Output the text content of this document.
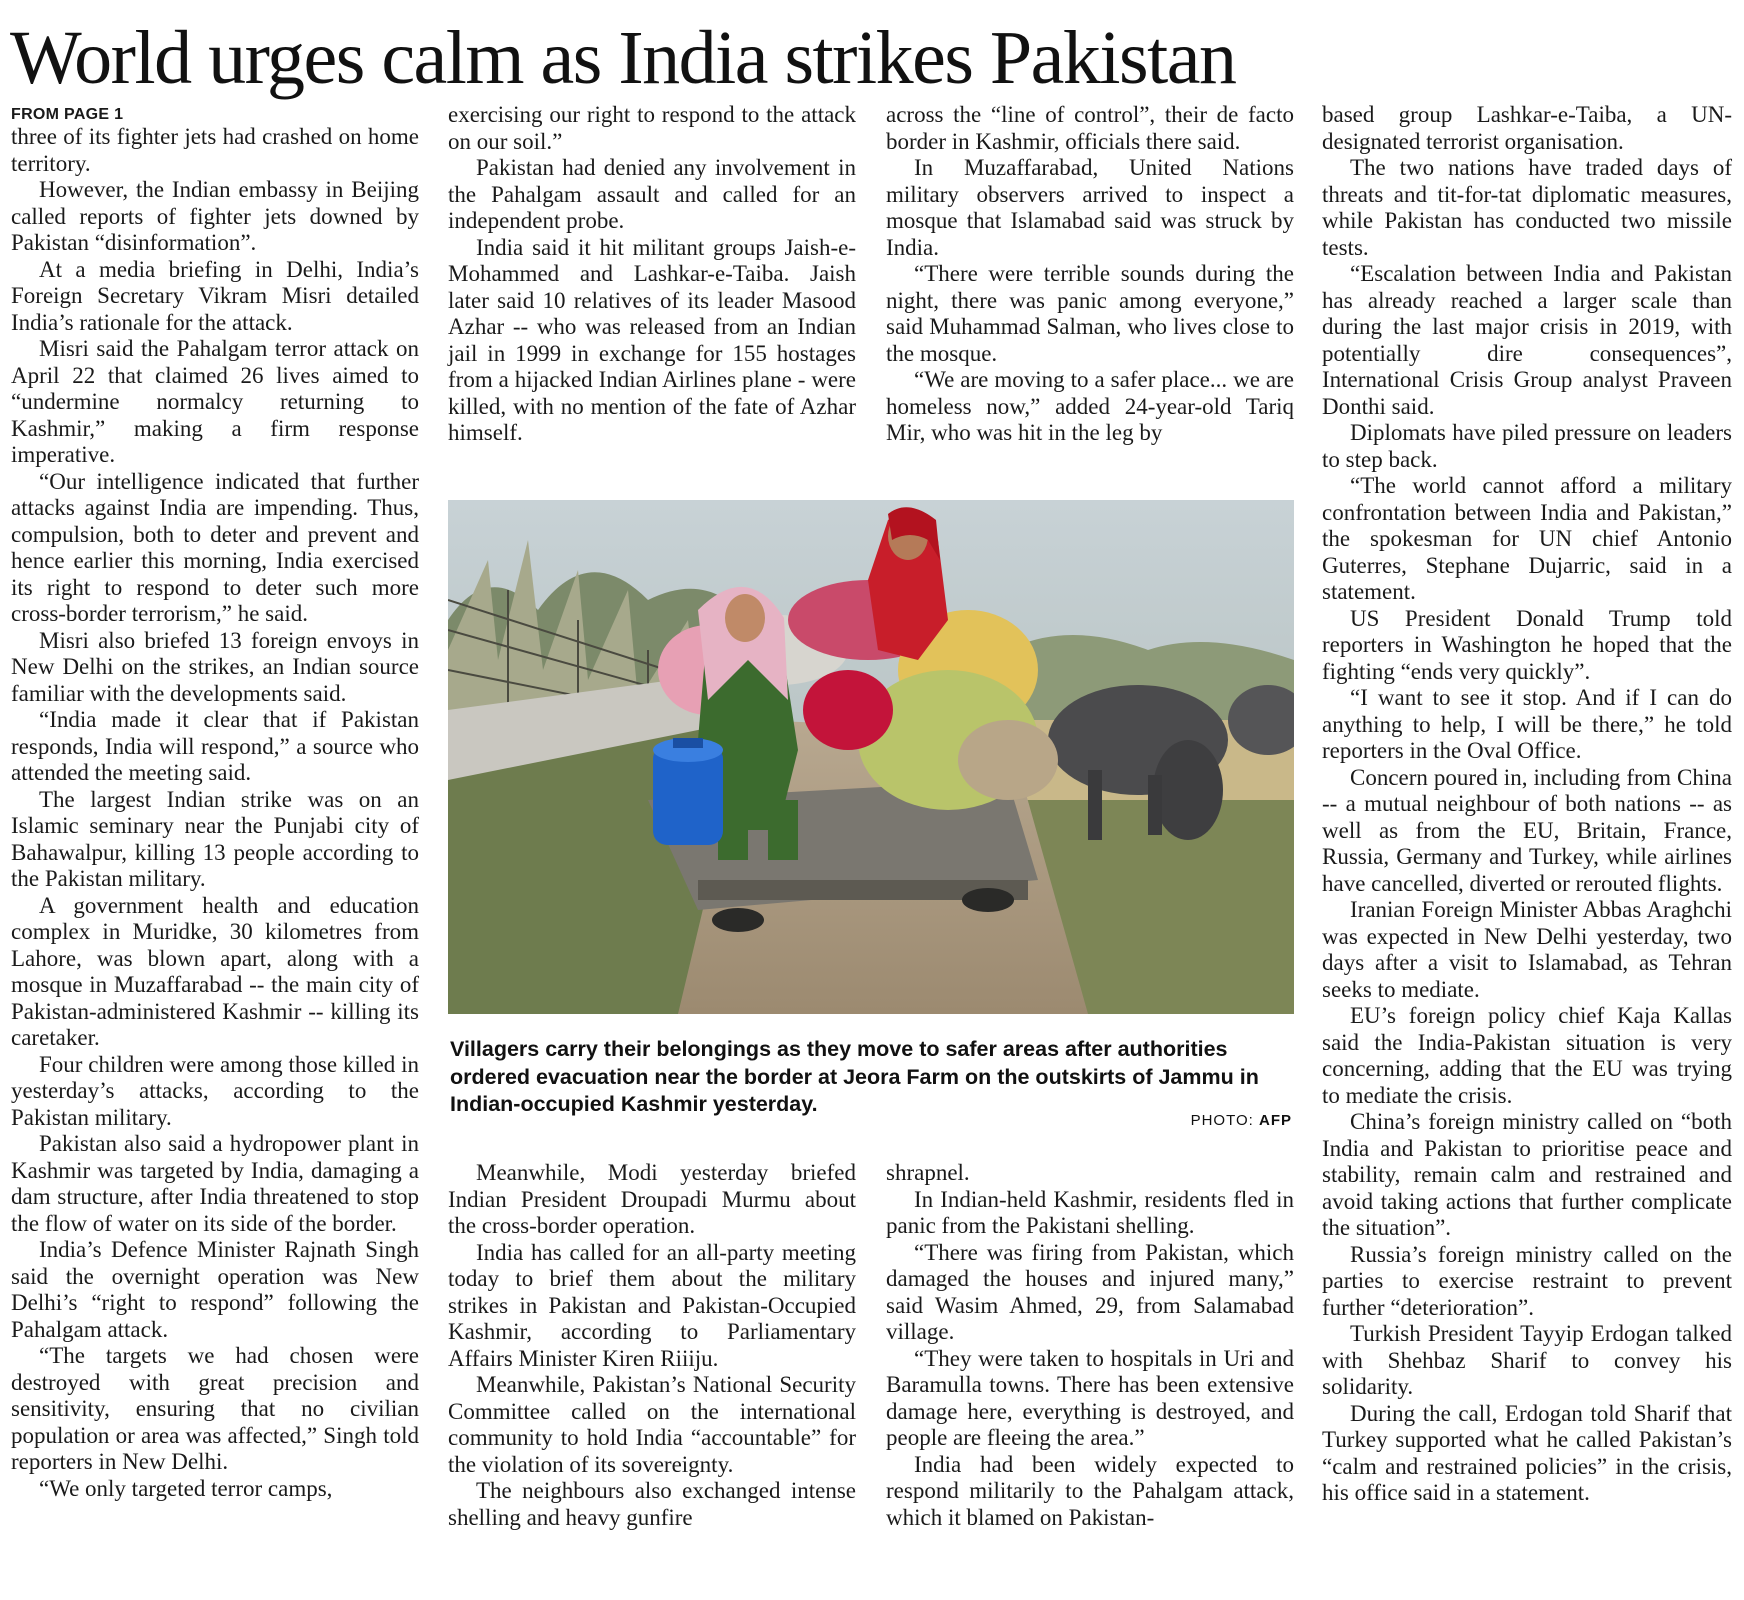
World urges calm as India strikes Pakistan
FROM PAGE 1

three of its fighter jets had crashed on home territory.

However, the Indian embassy in Beijing called reports of fighter jets downed by Pakistan “disinformation”.

At a media briefing in Delhi, India’s Foreign Secretary Vikram Misri detailed India’s rationale for the attack.

Misri said the Pahalgam terror attack on April 22 that claimed 26 lives aimed to “undermine normalcy returning to Kashmir,” making a firm response imperative.

“Our intelligence indicated that further attacks against India are impending. Thus, compulsion, both to deter and prevent and hence earlier this morning, India exercised its right to respond to deter such more cross-border terrorism,” he said.

Misri also briefed 13 foreign envoys in New Delhi on the strikes, an Indian source familiar with the developments said.

“India made it clear that if Pakistan responds, India will respond,” a source who attended the meeting said.

The largest Indian strike was on an Islamic seminary near the Punjabi city of Bahawalpur, killing 13 people according to the Pakistan military.

A government health and education complex in Muridke, 30 kilometres from Lahore, was blown apart, along with a mosque in Muzaffarabad -- the main city of Pakistan-administered Kashmir -- killing its caretaker.

Four children were among those killed in yesterday’s attacks, according to the Pakistan military.

Pakistan also said a hydropower plant in Kashmir was targeted by India, damaging a dam structure, after India threatened to stop the flow of water on its side of the border.

India’s Defence Minister Rajnath Singh said the overnight operation was New Delhi’s “right to respond” following the Pahalgam attack.

“The targets we had chosen were destroyed with great precision and sensitivity, ensuring that no civilian population or area was affected,” Singh told reporters in New Delhi.

“We only targeted terror camps,

exercising our right to respond to the attack on our soil.”

Pakistan had denied any involvement in the Pahalgam assault and called for an independent probe.

India said it hit militant groups Jaish-e-Mohammed and Lashkar-e-Taiba. Jaish later said 10 relatives of its leader Masood Azhar -- who was released from an Indian jail in 1999 in exchange for 155 hostages from a hijacked Indian Airlines plane - were killed, with no mention of the fate of Azhar himself.

across the “line of control”, their de facto border in Kashmir, officials there said.

In Muzaffarabad, United Nations military observers arrived to inspect a mosque that Islamabad said was struck by India.

“There were terrible sounds during the night, there was panic among everyone,” said Muhammad Salman, who lives close to the mosque.

“We are moving to a safer place... we are homeless now,” added 24-year-old Tariq Mir, who was hit in the leg by

based group Lashkar-e-Taiba, a UN-designated terrorist organisation.

The two nations have traded days of threats and tit-for-tat diplomatic measures, while Pakistan has conducted two missile tests.

“Escalation between India and Pakistan has already reached a larger scale than during the last major crisis in 2019, with potentially dire consequences”, International Crisis Group analyst Praveen Donthi said.

Diplomats have piled pressure on leaders to step back.

“The world cannot afford a military confrontation between India and Pakistan,” the spokesman for UN chief Antonio Guterres, Stephane Dujarric, said in a statement.

US President Donald Trump told reporters in Washington he hoped that the fighting “ends very quickly”.

“I want to see it stop. And if I can do anything to help, I will be there,” he told reporters in the Oval Office.

Concern poured in, including from China -- a mutual neighbour of both nations -- as well as from the EU, Britain, France, Russia, Germany and Turkey, while airlines have cancelled, diverted or rerouted flights.

Iranian Foreign Minister Abbas Araghchi was expected in New Delhi yesterday, two days after a visit to Islamabad, as Tehran seeks to mediate.

EU’s foreign policy chief Kaja Kallas said the India-Pakistan situation is very concerning, adding that the EU was trying to mediate the crisis.

China’s foreign ministry called on “both India and Pakistan to prioritise peace and stability, remain calm and restrained and avoid taking actions that further complicate the situation”.

Russia’s foreign ministry called on the parties to exercise restraint to prevent further “deterioration”.

Turkish President Tayyip Erdogan talked with Shehbaz Sharif to convey his solidarity.

During the call, Erdogan told Sharif that Turkey supported what he called Pakistan’s “calm and restrained policies” in the crisis, his office said in a statement.

Meanwhile, Modi yesterday briefed Indian President Droupadi Murmu about the cross-border operation.

India has called for an all-party meeting today to brief them about the military strikes in Pakistan and Pakistan-Occupied Kashmir, according to Parliamentary Affairs Minister Kiren Riiiju.

Meanwhile, Pakistan’s National Security Committee called on the international community to hold India “accountable” for the violation of its sovereignty.

The neighbours also exchanged intense shelling and heavy gunfire

shrapnel.

In Indian-held Kashmir, residents fled in panic from the Pakistani shelling.

“There was firing from Pakistan, which damaged the houses and injured many,” said Wasim Ahmed, 29, from Salamabad village.

“They were taken to hospitals in Uri and Baramulla towns. There has been extensive damage here, everything is destroyed, and people are fleeing the area.”

India had been widely expected to respond militarily to the Pahalgam attack, which it blamed on Pakistan-

Villagers carry their belongings as they move to safer areas after authorities ordered evacuation near the border at Jeora Farm on the outskirts of Jammu in Indian-occupied Kashmir yesterday.
PHOTO: AFP
